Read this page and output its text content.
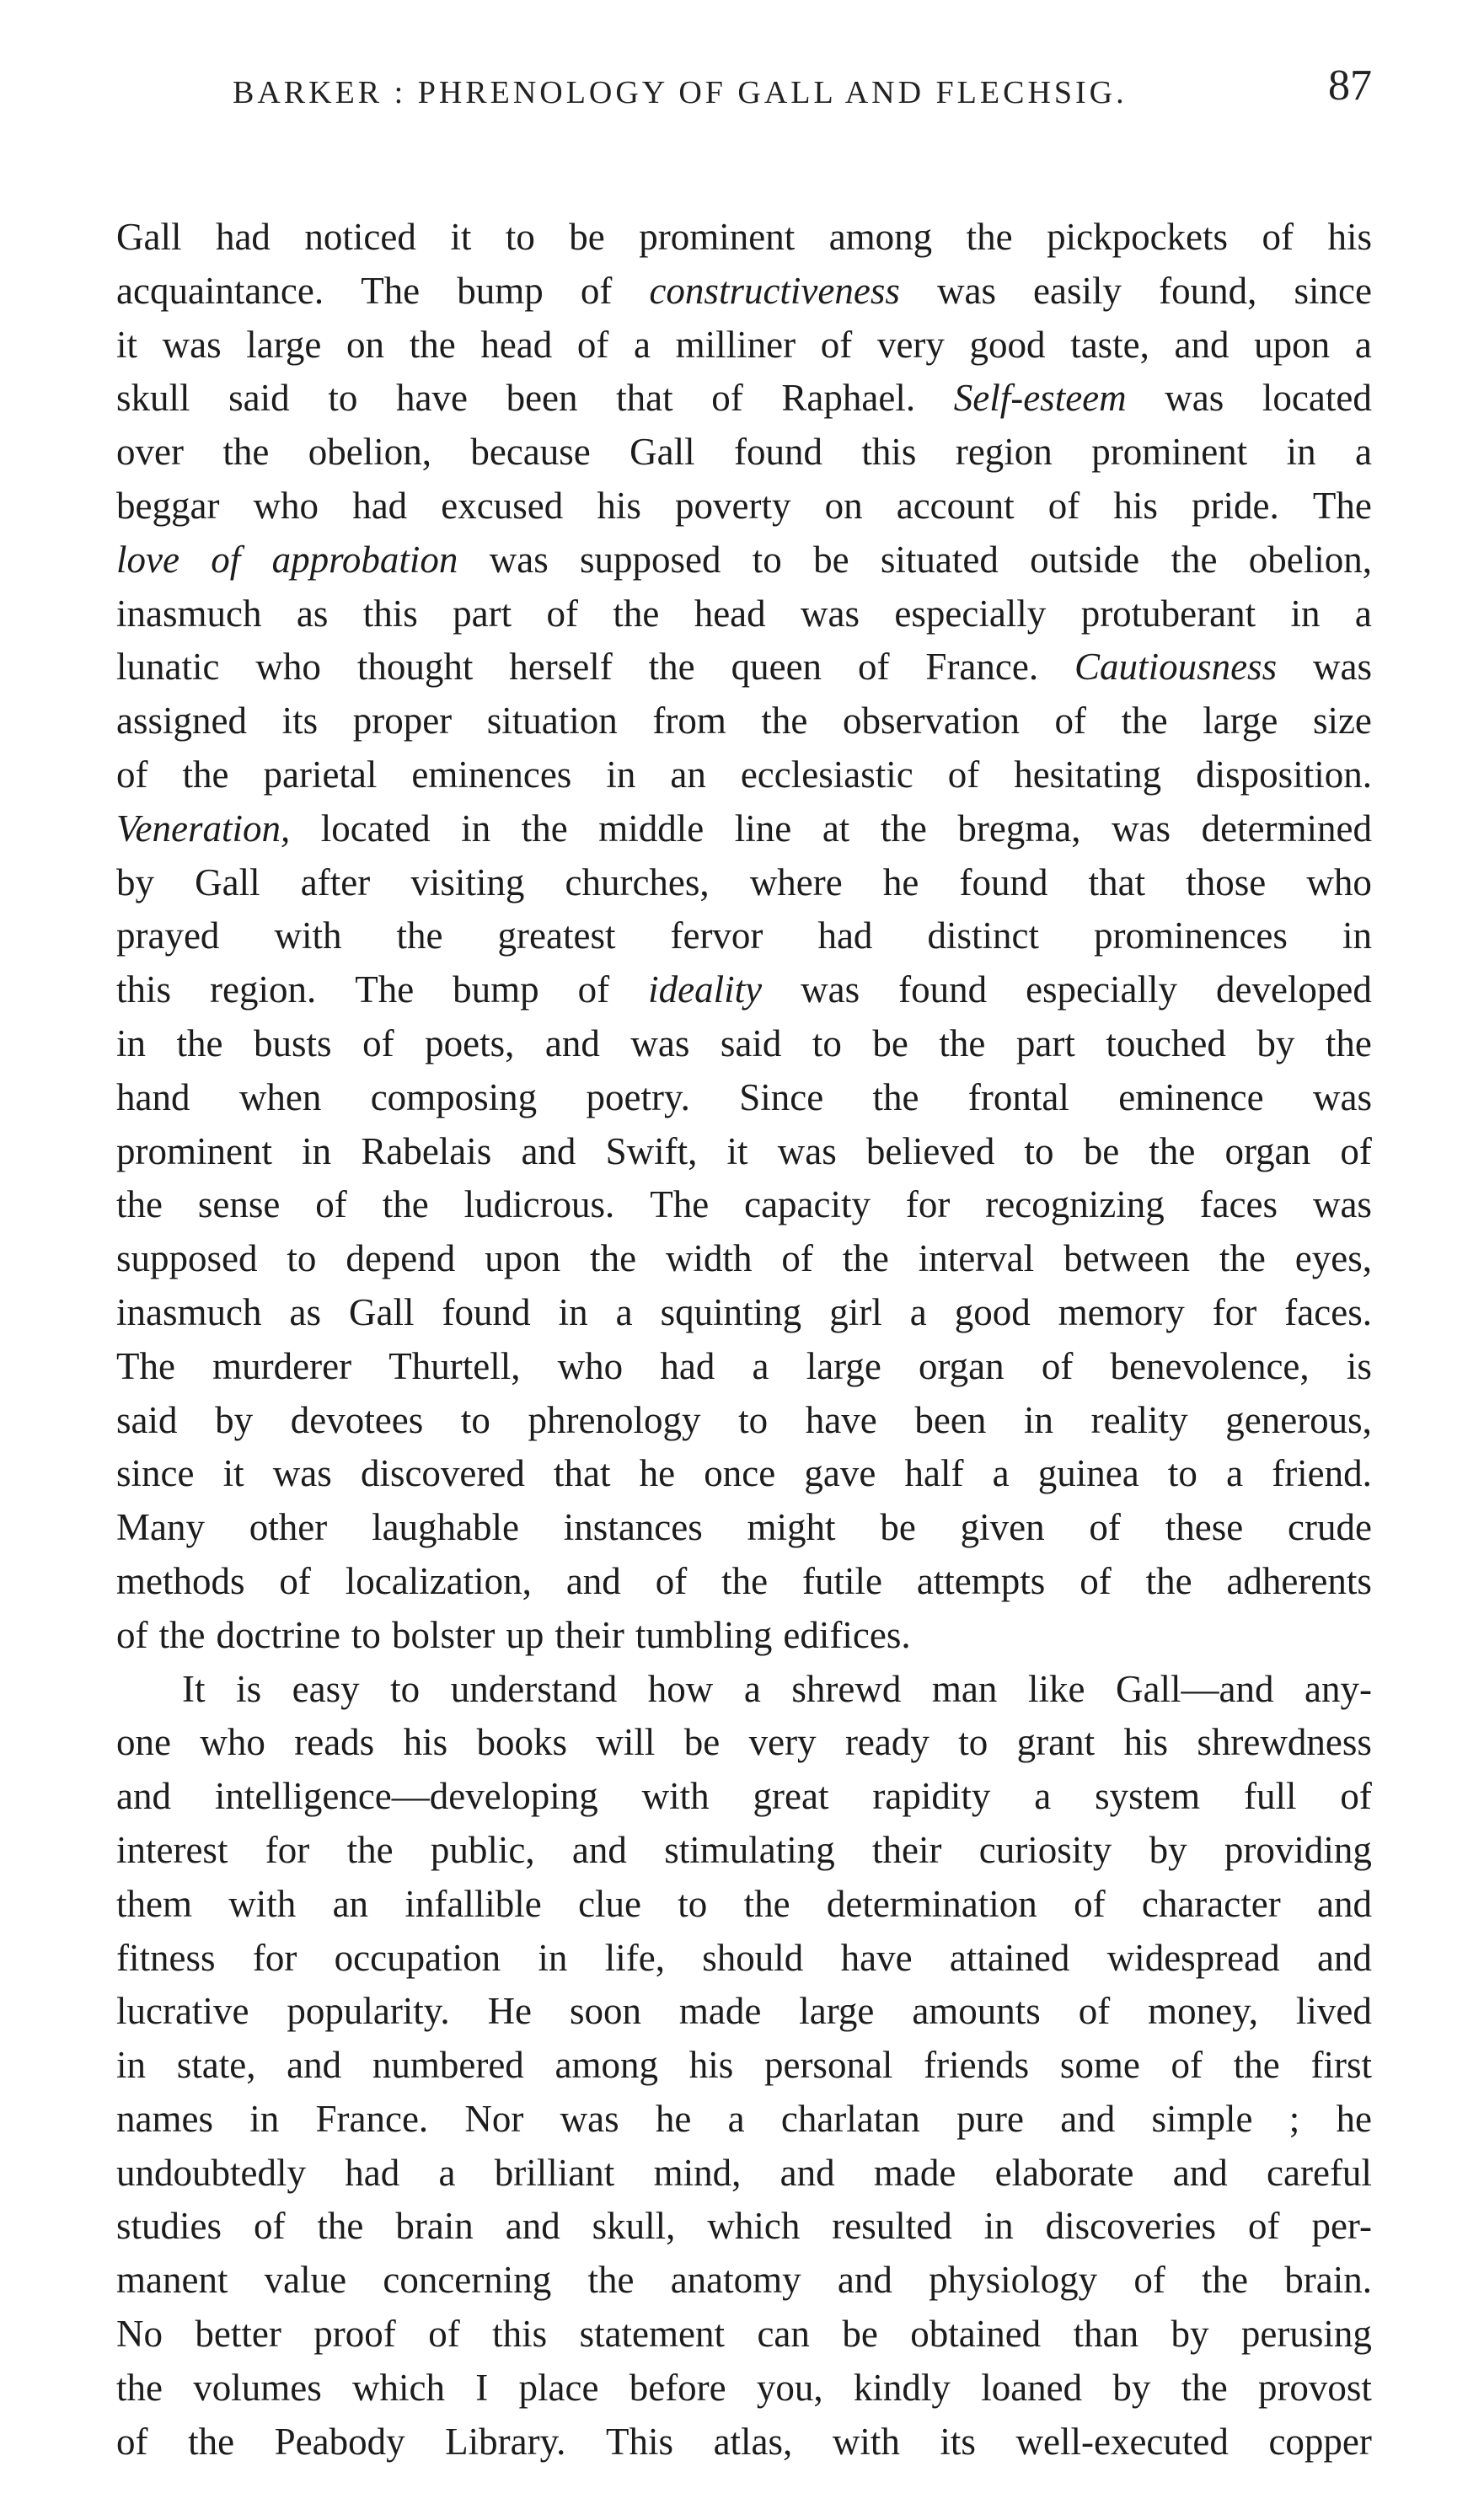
BARKER : PHRENOLOGY OF GALL AND FLECHSIG.	87
Gall had noticed it to be prominent among the pickpockets of his
acquaintance. The bump of constructiveness was easily found, since
it was large on the head of a milliner of very good taste, and upon a
skull said to have been that of Raphael. Self-esteem was located
over the obelion, because Gall found this region prominent in a
beggar who had excused his poverty on account of his pride. The
love of approbation was supposed to be situated outside the obelion,
inasmuch as this part of the head was especially protuberant in a
lunatic who thought herself the queen of France. Cautiousness was
assigned its proper situation from the observation of the large size
of the parietal eminences in an ecclesiastic of hesitating disposition.
Veneration, located in the middle line at the bregma, was determined
by Gall after visiting churches, where he found that those who
prayed with the greatest fervor had distinct prominences in
this region. The bump of ideality was found especially developed
in the busts of poets, and was said to be the part touched by the
hand when composing poetry. Since the frontal eminence was
prominent in Rabelais and Swift, it was believed to be the organ of
the sense of the ludicrous. The capacity for recognizing faces was
supposed to depend upon the width of the interval between the eyes,
inasmuch as Gall found in a squinting girl a good memory for faces.
The murderer Thurtell, who had a large organ of benevolence, is
said by devotees to phrenology to have been in reality generous,
since it was discovered that he once gave half a guinea to a friend.
Many other laughable instances might be given of these crude
methods of localization, and of the futile attempts of the adherents
of the doctrine to bolster up their tumbling edifices.
It is easy to understand how a shrewd man like Gall—and any-
one who reads his books will be very ready to grant his shrewdness
and intelligence—developing with great rapidity a system full of
interest for the public, and stimulating their curiosity by providing
them with an infallible clue to the determination of character and
fitness for occupation in life, should have attained widespread and
lucrative popularity. He soon made large amounts of money, lived
in state, and numbered among his personal friends some of the first
names in France. Nor was he a charlatan pure and simple ; he
undoubtedly had a brilliant mind, and made elaborate and careful
studies of the brain and skull, which resulted in discoveries of per-
manent value concerning the anatomy and physiology of the brain.
No better proof of this statement can be obtained than by perusing
the volumes which I place before you, kindly loaned by the provost
of the Peabody Library. This atlas, with its well-executed copper
